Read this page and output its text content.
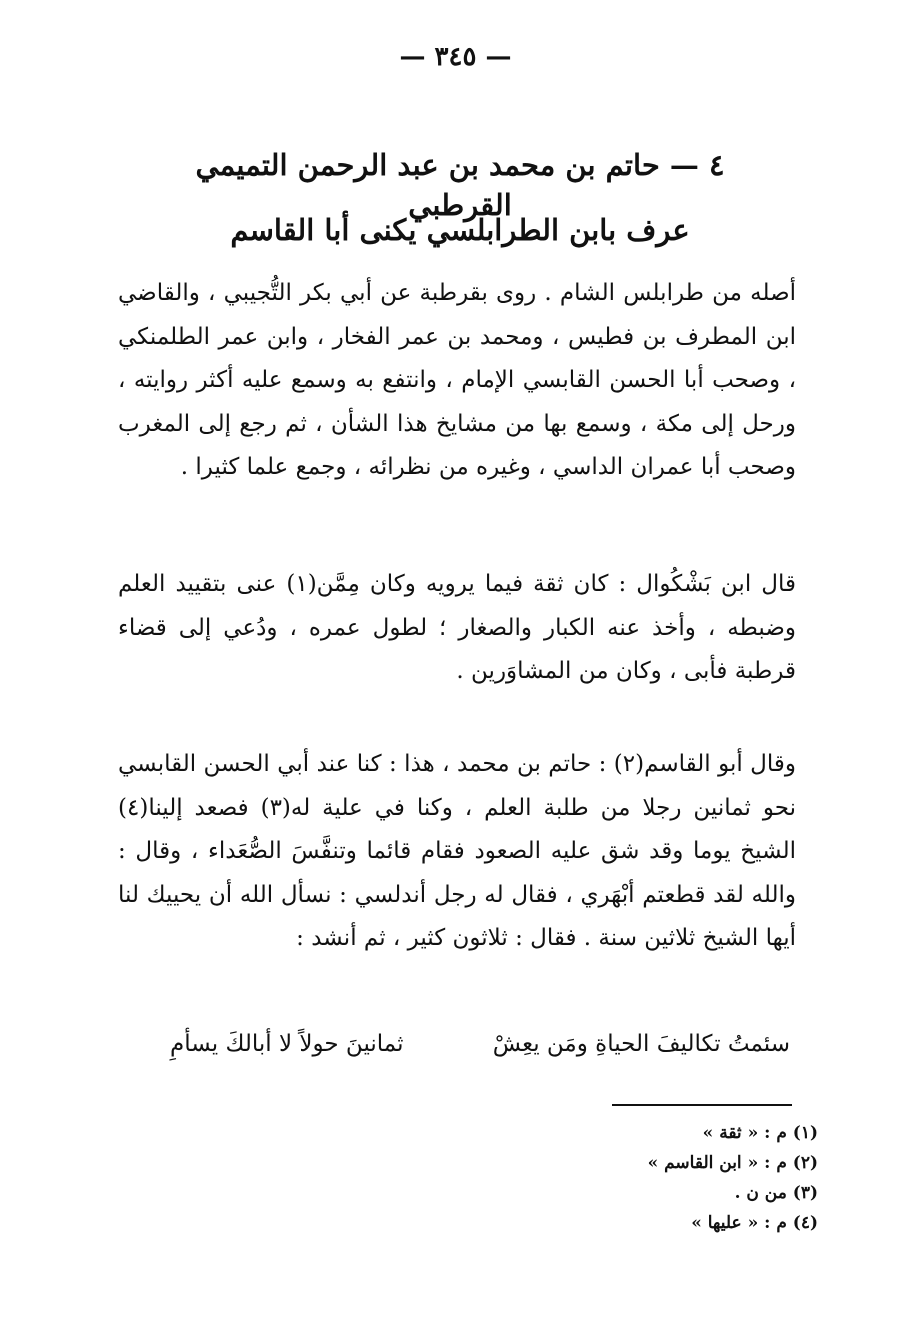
— ٣٤٥ —
٤ — حاتم بن محمد بن عبد الرحمن التميمي القرطبي
عرف بابن الطرابلسي يكنى أبا القاسم
أصله من طرابلس الشام . روى بقرطبة عن أبي بكر التُّجيبي ، والقاضي ابن المطرف بن فطيس ، ومحمد بن عمر الفخار ، وابن عمر الطلمنكي ، وصحب أبا الحسن القابسي الإمام ، وانتفع به وسمع عليه أكثر روايته ، ورحل إلى مكة ، وسمع بها من مشايخ هذا الشأن ، ثم رجع إلى المغرب وصحب أبا عمران الداسي ، وغيره من نظرائه ، وجمع علما كثيرا .
قال ابن بَشْكُوال : كان ثقة فيما يرويه وكان مِمَّن(١) عنى بتقييد العلم وضبطه ، وأخذ عنه الكبار والصغار ؛ لطول عمره ، ودُعي إلى قضاء قرطبة فأبى ، وكان من المشاوَرين .
وقال أبو القاسم(٢) : حاتم بن محمد ، هذا : كنا عند أبي الحسن القابسي نحو ثمانين رجلا من طلبة العلم ، وكنا في علية له(٣) فصعد إلينا(٤) الشيخ يوما وقد شق عليه الصعود فقام قائما وتنفَّسَ الصُّعَداء ، وقال : والله لقد قطعتم أبْهَري ، فقال له رجل أندلسي : نسأل الله أن يحييك لنا أيها الشيخ ثلاثين سنة . فقال : ثلاثون كثير ، ثم أنشد :
سئمتُ تكاليفَ الحياةِ ومَن يعِشْ
ثمانينَ حولاً لا أبالكَ يسأمِ
(١) م : « ثقة »
(٢) م : « ابن القاسم »
(٣) من ن .
(٤) م : « عليها »
